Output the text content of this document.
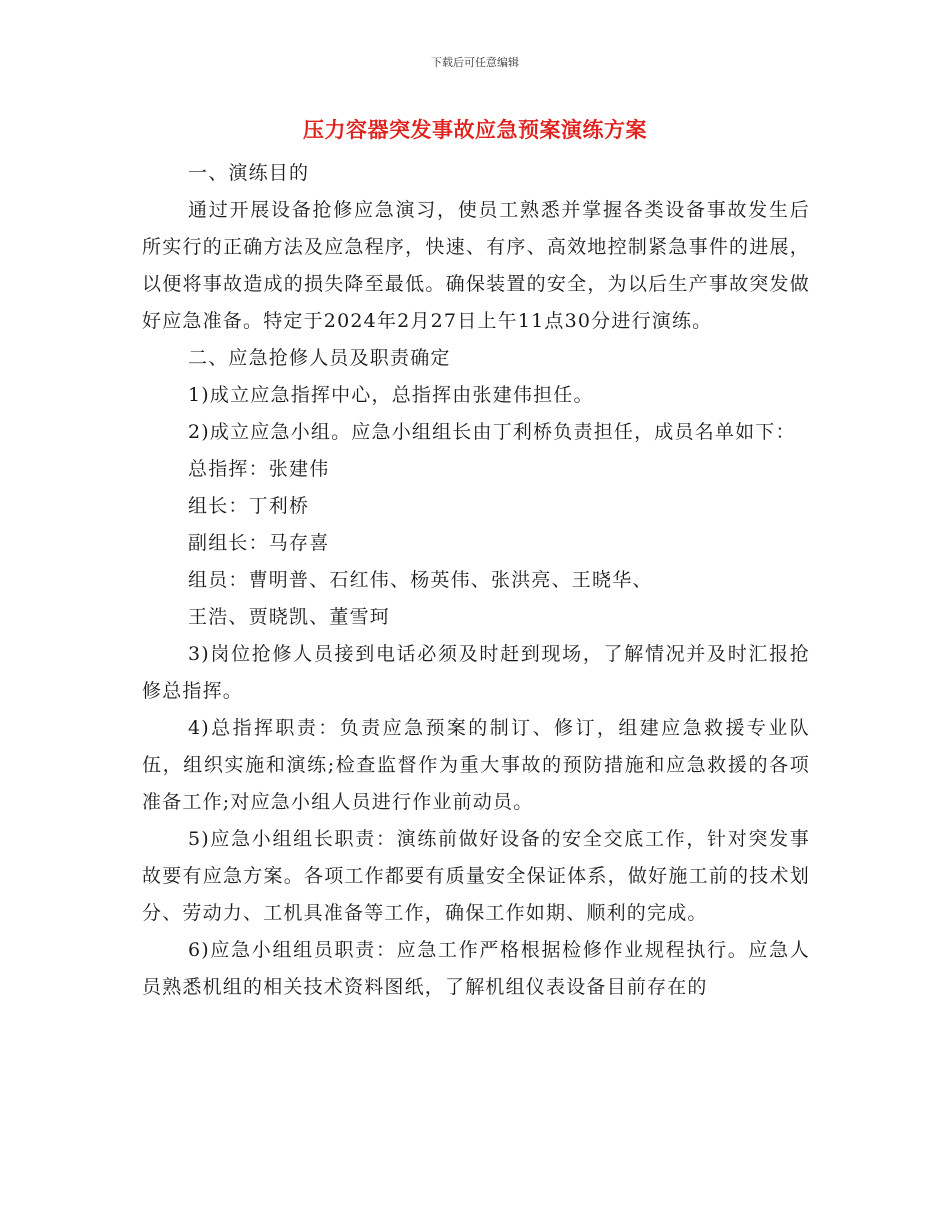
下载后可任意编辑
压力容器突发事故应急预案演练方案

一、演练目的

通过开展设备抢修应急演习，使员工熟悉并掌握各类设备事故发生后所实行的正确方法及应急程序，快速、有序、高效地控制紧急事件的进展，以便将事故造成的损失降至最低。确保装置的安全，为以后生产事故突发做好应急准备。特定于2024年2月27日上午11点30分进行演练。

二、应急抢修人员及职责确定

1)成立应急指挥中心，总指挥由张建伟担任。

2)成立应急小组。应急小组组长由丁利桥负责担任，成员名单如下：

总指挥：张建伟

组长：丁利桥

副组长：马存喜

组员：曹明普、石红伟、杨英伟、张洪亮、王晓华、

王浩、贾晓凯、董雪珂

3)岗位抢修人员接到电话必须及时赶到现场，了解情况并及时汇报抢修总指挥。

4)总指挥职责：负责应急预案的制订、修订，组建应急救援专业队伍，组织实施和演练;检查监督作为重大事故的预防措施和应急救援的各项准备工作;对应急小组人员进行作业前动员。

5)应急小组组长职责：演练前做好设备的安全交底工作，针对突发事故要有应急方案。各项工作都要有质量安全保证体系，做好施工前的技术划分、劳动力、工机具准备等工作，确保工作如期、顺利的完成。

6)应急小组组员职责：应急工作严格根据检修作业规程执行。应急人员熟悉机组的相关技术资料图纸，了解机组仪表设备目前存在的
